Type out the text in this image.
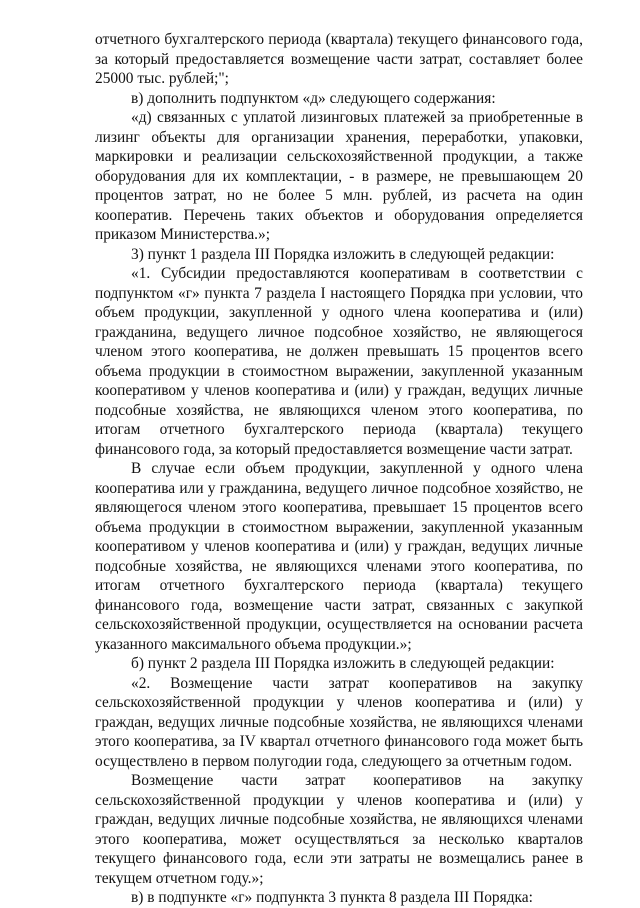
отчетного бухгалтерского периода (квартала) текущего финансового года, за который предоставляется возмещение части затрат, составляет более 25000 тыс. рублей;";

в) дополнить подпунктом «д» следующего содержания:

«д) связанных с уплатой лизинговых платежей за приобретенные в лизинг объекты для организации хранения, переработки, упаковки, маркировки и реализации сельскохозяйственной продукции, а также оборудования для их комплектации, - в размере, не превышающем 20 процентов затрат, но не более 5 млн. рублей, из расчета на один кооператив. Перечень таких объектов и оборудования определяется приказом Министерства.»;

3) пункт 1 раздела III Порядка изложить в следующей редакции:

«1. Субсидии предоставляются кооперативам в соответствии с подпунктом «г» пункта 7 раздела I настоящего Порядка при условии, что объем продукции, закупленной у одного члена кооператива и (или) гражданина, ведущего личное подсобное хозяйство, не являющегося членом этого кооператива, не должен превышать 15 процентов всего объема продукции в стоимостном выражении, закупленной указанным кооперативом у членов кооператива и (или) у граждан, ведущих личные подсобные хозяйства, не являющихся членом этого кооператива, по итогам отчетного бухгалтерского периода (квартала) текущего финансового года, за который предоставляется возмещение части затрат.

В случае если объем продукции, закупленной у одного члена кооператива или у гражданина, ведущего личное подсобное хозяйство, не являющегося членом этого кооператива, превышает 15 процентов всего объема продукции в стоимостном выражении, закупленной указанным кооперативом у членов кооператива и (или) у граждан, ведущих личные подсобные хозяйства, не являющихся членами этого кооператива, по итогам отчетного бухгалтерского периода (квартала) текущего финансового года, возмещение части затрат, связанных с закупкой сельскохозяйственной продукции, осуществляется на основании расчета указанного максимального объема продукции.»;

б) пункт 2 раздела III Порядка изложить в следующей редакции:

«2. Возмещение части затрат кооперативов на закупку сельскохозяйственной продукции у членов кооператива и (или) у граждан, ведущих личные подсобные хозяйства, не являющихся членами этого кооператива, за IV квартал отчетного финансового года может быть осуществлено в первом полугодии года, следующего за отчетным годом.

Возмещение части затрат кооперативов на закупку сельскохозяйственной продукции у членов кооператива и (или) у граждан, ведущих личные подсобные хозяйства, не являющихся членами этого кооператива, может осуществляться за несколько кварталов текущего финансового года, если эти затраты не возмещались ранее в текущем отчетном году.»;

в) в подпункте «г» подпункта 3 пункта 8 раздела III Порядка:
